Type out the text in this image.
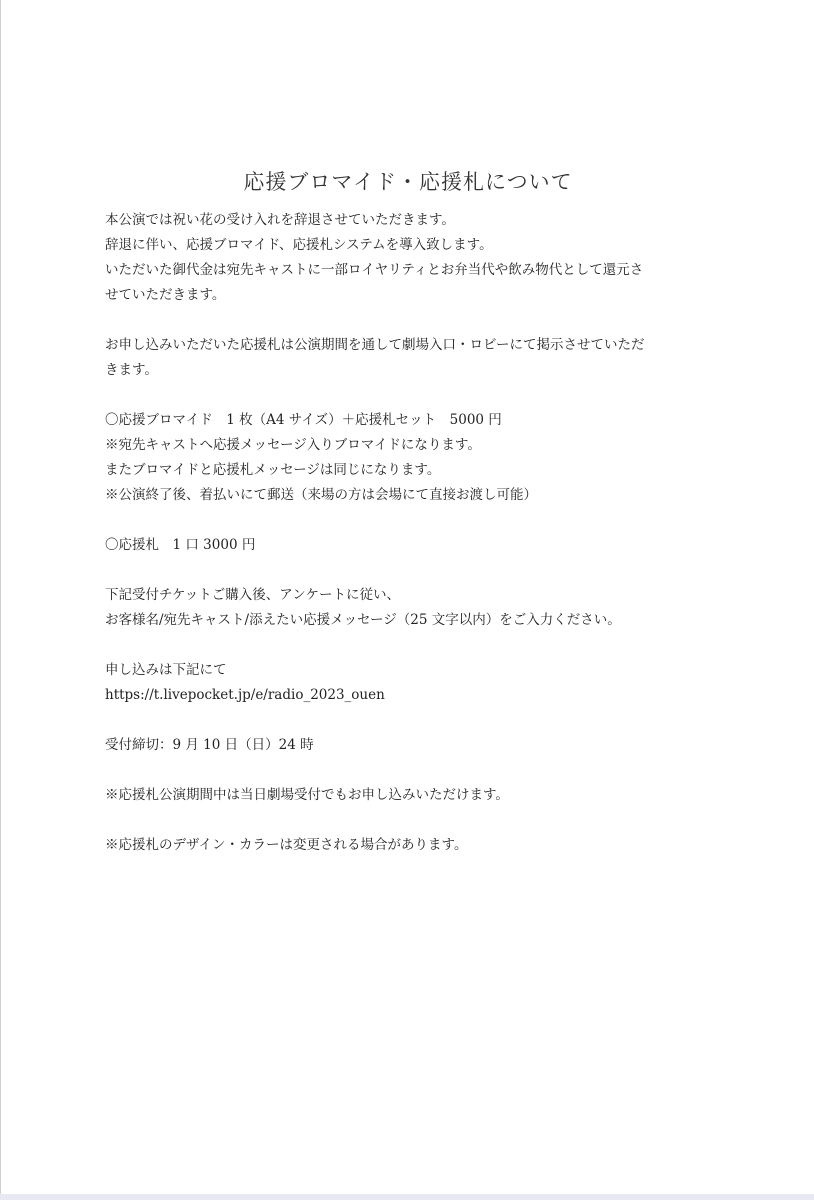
応援ブロマイド・応援札について
本公演では祝い花の受け入れを辞退させていただきます。
辞退に伴い、応援ブロマイド、応援札システムを導入致します。
いただいた御代金は宛先キャストに一部ロイヤリティとお弁当代や飲み物代として還元さ
せていただきます。
お申し込みいただいた応援札は公演期間を通して劇場入口・ロビーにて掲示させていただ
きます。
〇応援ブロマイド　1 枚（A4 サイズ）＋応援札セット　5000 円
※宛先キャストへ応援メッセージ入りブロマイドになります。
またブロマイドと応援札メッセージは同じになります。
※公演終了後、着払いにて郵送（来場の方は会場にて直接お渡し可能）
〇応援札　1 口 3000 円
下記受付チケットご購入後、アンケートに従い、
お客様名/宛先キャスト/添えたい応援メッセージ（25 文字以内）をご入力ください。
申し込みは下記にて
https://t.livepocket.jp/e/radio_2023_ouen
受付締切：9 月 10 日（日）24 時
※応援札公演期間中は当日劇場受付でもお申し込みいただけます。
※応援札のデザイン・カラーは変更される場合があります。
